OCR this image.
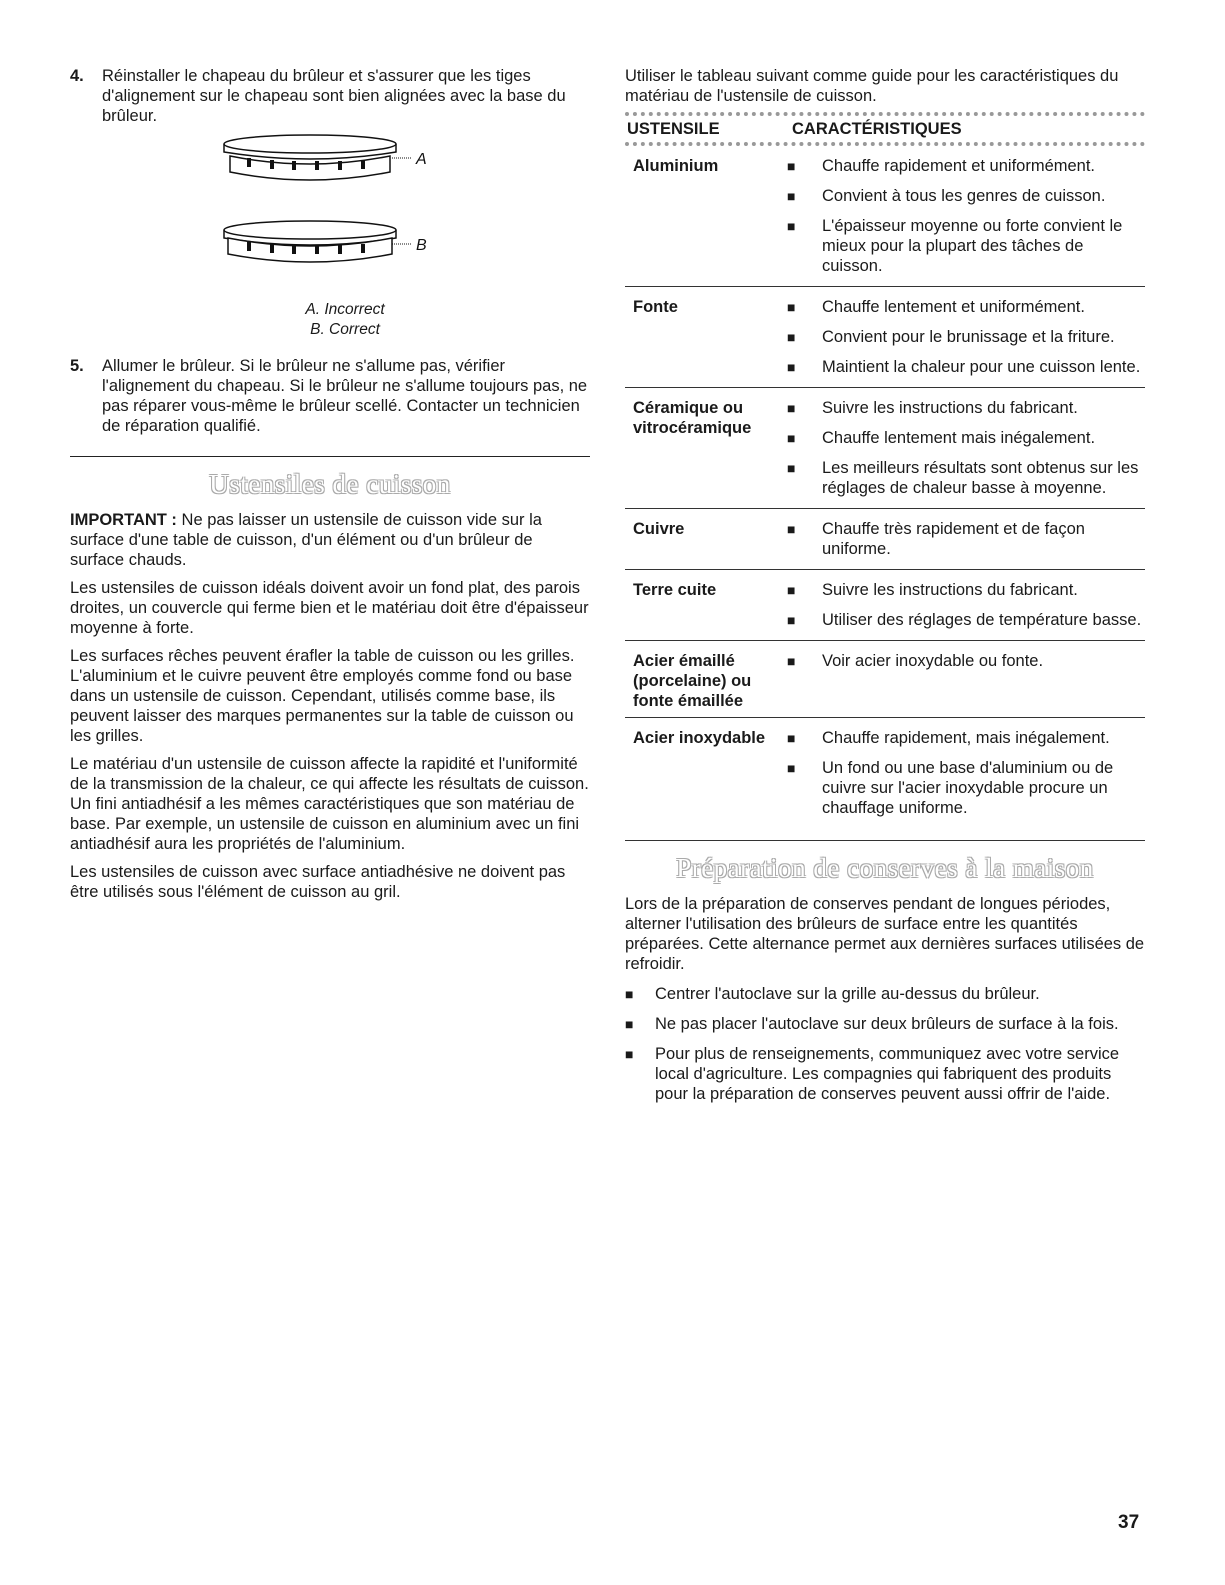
4.	Réinstaller le chapeau du brûleur et s'assurer que les tiges d'alignement sur le chapeau sont bien alignées avec la base du brûleur.

A
B
A. Incorrect
B. Correct
5.	Allumer le brûleur. Si le brûleur ne s'allume pas, vérifier l'alignement du chapeau. Si le brûleur ne s'allume toujours pas, ne pas réparer vous-même le brûleur scellé. Contacter un technicien de réparation qualifié.

Ustensiles de cuisson

IMPORTANT : Ne pas laisser un ustensile de cuisson vide sur la surface d'une table de cuisson, d'un élément ou d'un brûleur de surface chauds.

Les ustensiles de cuisson idéals doivent avoir un fond plat, des parois droites, un couvercle qui ferme bien et le matériau doit être d'épaisseur moyenne à forte.

Les surfaces rêches peuvent érafler la table de cuisson ou les grilles. L'aluminium et le cuivre peuvent être employés comme fond ou base dans un ustensile de cuisson. Cependant, utilisés comme base, ils peuvent laisser des marques permanentes sur la table de cuisson ou les grilles.

Le matériau d'un ustensile de cuisson affecte la rapidité et l'uniformité de la transmission de la chaleur, ce qui affecte les résultats de cuisson. Un fini antiadhésif a les mêmes caractéristiques que son matériau de base. Par exemple, un ustensile de cuisson en aluminium avec un fini antiadhésif aura les propriétés de l'aluminium.

Les ustensiles de cuisson avec surface antiadhésive ne doivent pas être utilisés sous l'élément de cuisson au gril.

Utiliser le tableau suivant comme guide pour les caractéristiques du matériau de l'ustensile de cuisson.

USTENSILE	CARACTÉRISTIQUES
Aluminium	■	Chauffe rapidement et uniformément.
■	Convient à tous les genres de cuisson.
■	L'épaisseur moyenne ou forte convient le mieux pour la plupart des tâches de cuisson.
Fonte	■	Chauffe lentement et uniformément.
■	Convient pour le brunissage et la friture.
■	Maintient la chaleur pour une cuisson lente.
Céramique ou vitrocéramique
■	Suivre les instructions du fabricant.
■	Chauffe lentement mais inégalement.
■	Les meilleurs résultats sont obtenus sur les réglages de chaleur basse à moyenne.
Cuivre	■	Chauffe très rapidement et de façon uniforme.
Terre cuite	■	Suivre les instructions du fabricant.
■	Utiliser des réglages de température basse.
Acier émaillé (porcelaine) ou fonte émaillée
■	Voir acier inoxydable ou fonte.
Acier inoxydable	■	Chauffe rapidement, mais inégalement.
■	Un fond ou une base d'aluminium ou de cuivre sur l'acier inoxydable procure un chauffage uniforme.
Préparation de conserves à la maison

Lors de la préparation de conserves pendant de longues périodes, alterner l'utilisation des brûleurs de surface entre les quantités préparées. Cette alternance permet aux dernières surfaces utilisées de refroidir.

■	Centrer l'autoclave sur la grille au-dessus du brûleur.
■	Ne pas placer l'autoclave sur deux brûleurs de surface à la fois.
■	Pour plus de renseignements, communiquez avec votre service local d'agriculture. Les compagnies qui fabriquent des produits pour la préparation de conserves peuvent aussi offrir de l'aide.
37
